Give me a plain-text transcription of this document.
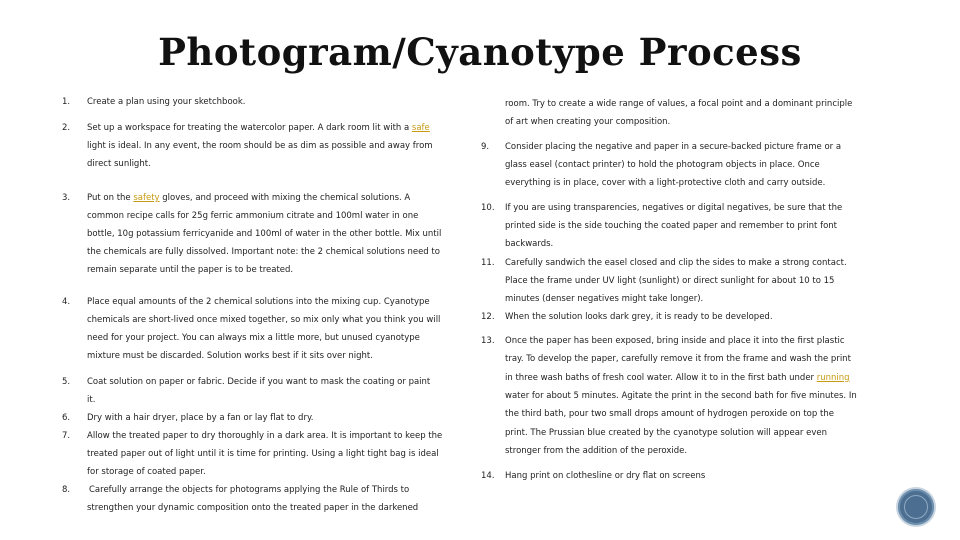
Photogram/Cyanotype Process
1. Create a plan using your sketchbook.
2. Set up a workspace for treating the watercolor paper. A dark room lit with a safe
light is ideal. In any event, the room should be as dim as possible and away from
direct sunlight.
3. Put on the safety gloves, and proceed with mixing the chemical solutions. A
common recipe calls for 25g ferric ammonium citrate and 100ml water in one
bottle, 10g potassium ferricyanide and 100ml of water in the other bottle. Mix until
the chemicals are fully dissolved. Important note: the 2 chemical solutions need to
remain separate until the paper is to be treated.
4. Place equal amounts of the 2 chemical solutions into the mixing cup. Cyanotype
chemicals are short-lived once mixed together, so mix only what you think you will
need for your project. You can always mix a little more, but unused cyanotype
mixture must be discarded. Solution works best if it sits over night.
5. Coat solution on paper or fabric. Decide if you want to mask the coating or paint
it.
6. Dry with a hair dryer, place by a fan or lay flat to dry.
7. Allow the treated paper to dry thoroughly in a dark area. It is important to keep the
treated paper out of light until it is time for printing. Using a light tight bag is ideal
for storage of coated paper.
8. Carefully arrange the objects for photograms applying the Rule of Thirds to
strengthen your dynamic composition onto the treated paper in the darkened
room. Try to create a wide range of values, a focal point and a dominant principle
of art when creating your composition.
9. Consider placing the negative and paper in a secure-backed picture frame or a
glass easel (contact printer) to hold the photogram objects in place. Once
everything is in place, cover with a light-protective cloth and carry outside.
10. If you are using transparencies, negatives or digital negatives, be sure that the
printed side is the side touching the coated paper and remember to print font
backwards.
11. Carefully sandwich the easel closed and clip the sides to make a strong contact.
Place the frame under UV light (sunlight) or direct sunlight for about 10 to 15
minutes (denser negatives might take longer).
12. When the solution looks dark grey, it is ready to be developed.
13. Once the paper has been exposed, bring inside and place it into the first plastic
tray. To develop the paper, carefully remove it from the frame and wash the print
in three wash baths of fresh cool water. Allow it to in the first bath under running
water for about 5 minutes. Agitate the print in the second bath for five minutes. In
the third bath, pour two small drops amount of hydrogen peroxide on top the
print. The Prussian blue created by the cyanotype solution will appear even
stronger from the addition of the peroxide.
14. Hang print on clothesline or dry flat on screens
